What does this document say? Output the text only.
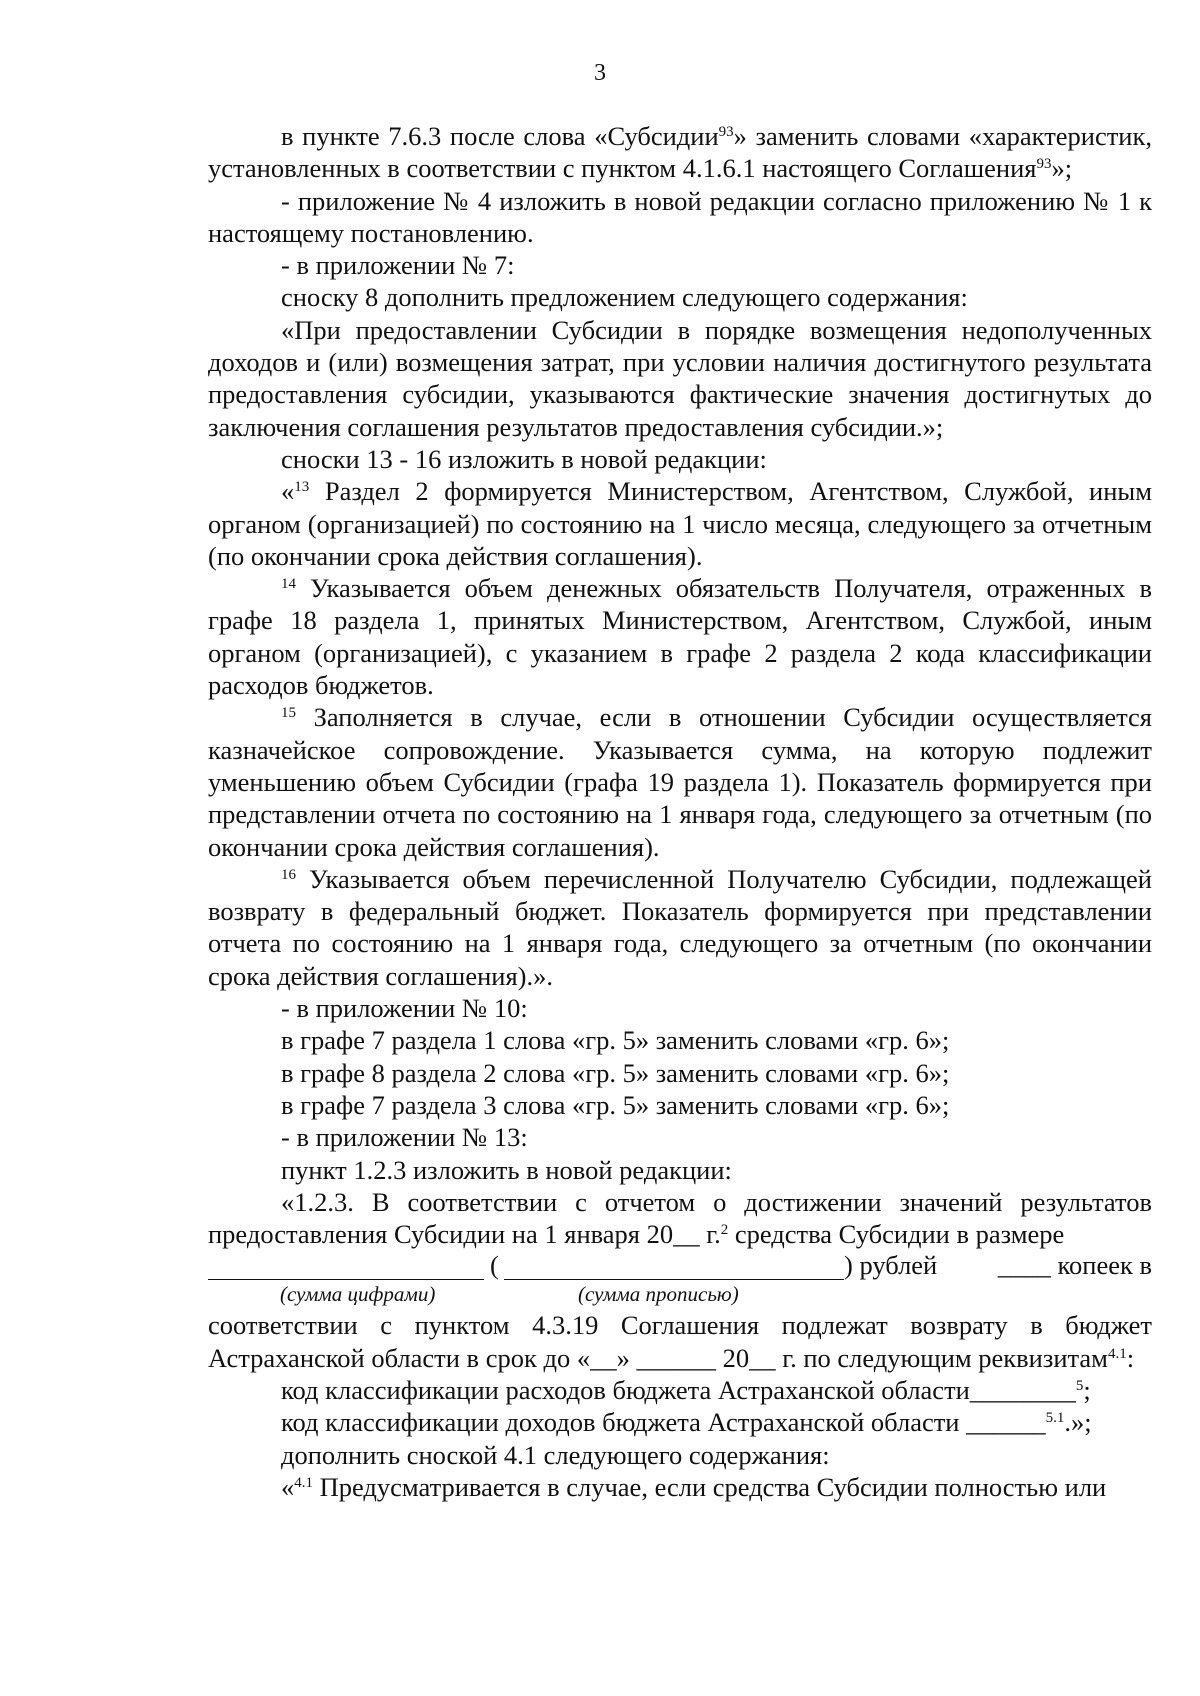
3

в пункте 7.6.3 после слова «Субсидии$^{93}$» заменить словами «характеристик, установленных в соответствии с пунктом 4.1.6.1 настоящего Соглашения$^{93}$»;

- приложение № 4 изложить в новой редакции согласно приложению № 1 к настоящему постановлению.

- в приложении № 7:

сноску 8 дополнить предложением следующего содержания:

«При предоставлении Субсидии в порядке возмещения недополученных доходов и (или) возмещения затрат, при условии наличия достигнутого результата предоставления субсидии, указываются фактические значения достигнутых до заключения соглашения результатов предоставления субсидии.»;

сноски 13 - 16 изложить в новой редакции:

«$^{13}$ Раздел 2 формируется Министерством, Агентством, Службой, иным органом (организацией) по состоянию на 1 число месяца, следующего за отчетным (по окончании срока действия соглашения).

$^{14}$ Указывается объем денежных обязательств Получателя, отраженных в графе 18 раздела 1, принятых Министерством, Агентством, Службой, иным органом (организацией), с указанием в графе 2 раздела 2 кода классификации расходов бюджетов.

$^{15}$ Заполняется в случае, если в отношении Субсидии осуществляется казначейское сопровождение. Указывается сумма, на которую подлежит уменьшению объем Субсидии (графа 19 раздела 1). Показатель формируется при представлении отчета по состоянию на 1 января года, следующего за отчетным (по окончании срока действия соглашения).

$^{16}$ Указывается объем перечисленной Получателю Субсидии, подлежащей возврату в федеральный бюджет. Показатель формируется при представлении отчета по состоянию на 1 января года, следующего за отчетным (по окончании срока действия соглашения).».

- в приложении № 10:

в графе 7 раздела 1 слова «гр. 5» заменить словами «гр. 6»;

в графе 8 раздела 2 слова «гр. 5» заменить словами «гр. 6»;

в графе 7 раздела 3 слова «гр. 5» заменить словами «гр. 6»;

- в приложении № 13:

пункт 1.2.3 изложить в новой редакции:

«1.2.3. В соответствии с отчетом о достижении значений результатов предоставления Субсидии на 1 января 20__ г.$^2$ средства Субсидии в размере

(	) рублей ____ копеек в
(сумма цифрами)	(сумма прописью)

соответствии с пунктом 4.3.19 Соглашения подлежат возврату в бюджет Астраханской области в срок до «__» ______ 20__ г. по следующим реквизитам$^{4.1}$:

код классификации расходов бюджета Астраханской области________$^5$;

код классификации доходов бюджета Астраханской области ______$^{5.1}$.»;

дополнить сноской 4.1 следующего содержания:

«$^{4.1}$ Предусматривается в случае, если средства Субсидии полностью или
